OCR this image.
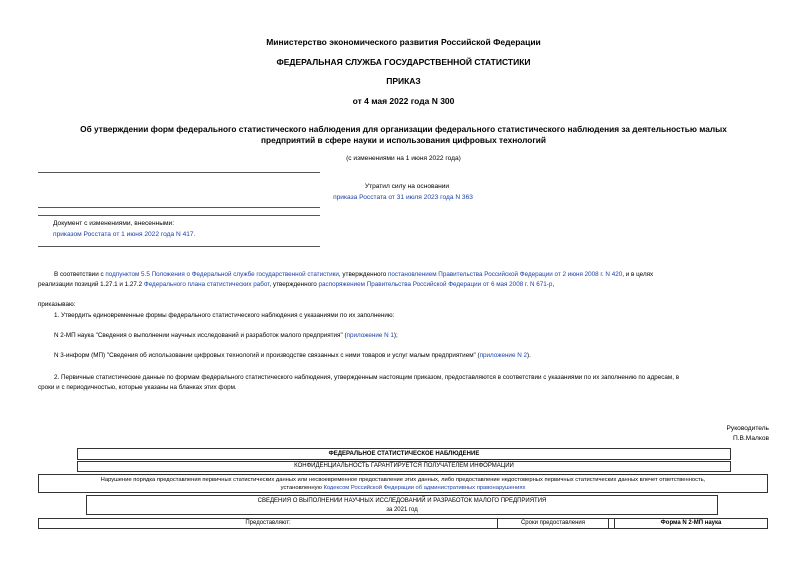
Министерство экономического развития Российской Федерации
ФЕДЕРАЛЬНАЯ СЛУЖБА ГОСУДАРСТВЕННОЙ СТАТИСТИКИ
ПРИКАЗ
от 4 мая 2022 года N 300
Об утверждении форм федерального статистического наблюдения для организации федерального статистического наблюдения за деятельностью малых
предприятий в сфере науки и использования цифровых технологий
(с изменениями на 1 июня 2022 года)
Утратил силу на основании
приказа Росстата от 31 июля 2023 года N 363
Документ с изменениями, внесенными:
приказом Росстата от 1 июня 2022 года N 417.
В соответствии с подпунктом 5.5 Положения о Федеральной службе государственной статистики, утвержденного постановлением Правительства Российской Федерации от 2 июня 2008 г. N 420, и в целях
реализации позиций 1.27.1 и 1.27.2 Федерального плана статистических работ, утвержденного распоряжением Правительства Российской Федерации от 6 мая 2008 г. N 671-р,
приказываю:
1. Утвердить единовременные формы федерального статистического наблюдения с указаниями по их заполнению:
N 2-МП наука "Сведения о выполнении научных исследований и разработок малого предприятия" (приложение N 1);
N 3-информ (МП) "Сведения об использовании цифровых технологий и производстве связанных с ними товаров и услуг малым предприятием" (приложение N 2).
2. Первичные статистические данные по формам федерального статистического наблюдения, утвержденным настоящим приказом, предоставляются в соответствии с указаниями по их заполнению по адресам, в
сроки и с периодичностью, которые указаны на бланках этих форм.
Руководитель
П.В.Малков
ФЕДЕРАЛЬНОЕ СТАТИСТИЧЕСКОЕ НАБЛЮДЕНИЕ
КОНФИДЕНЦИАЛЬНОСТЬ ГАРАНТИРУЕТСЯ ПОЛУЧАТЕЛЕМ ИНФОРМАЦИИ
Нарушение порядка предоставления первичных статистических данных или несвоевременное предоставление этих данных, либо предоставление недостоверных первичных статистических данных влечет ответственность,
установленную Кодексом Российской Федерации об административных правонарушениях
СВЕДЕНИЯ О ВЫПОЛНЕНИИ НАУЧНЫХ ИССЛЕДОВАНИЙ И РАЗРАБОТОК МАЛОГО ПРЕДПРИЯТИЯ
за 2021 год
Предоставляют:	Сроки предоставления	Форма N 2-МП наука
